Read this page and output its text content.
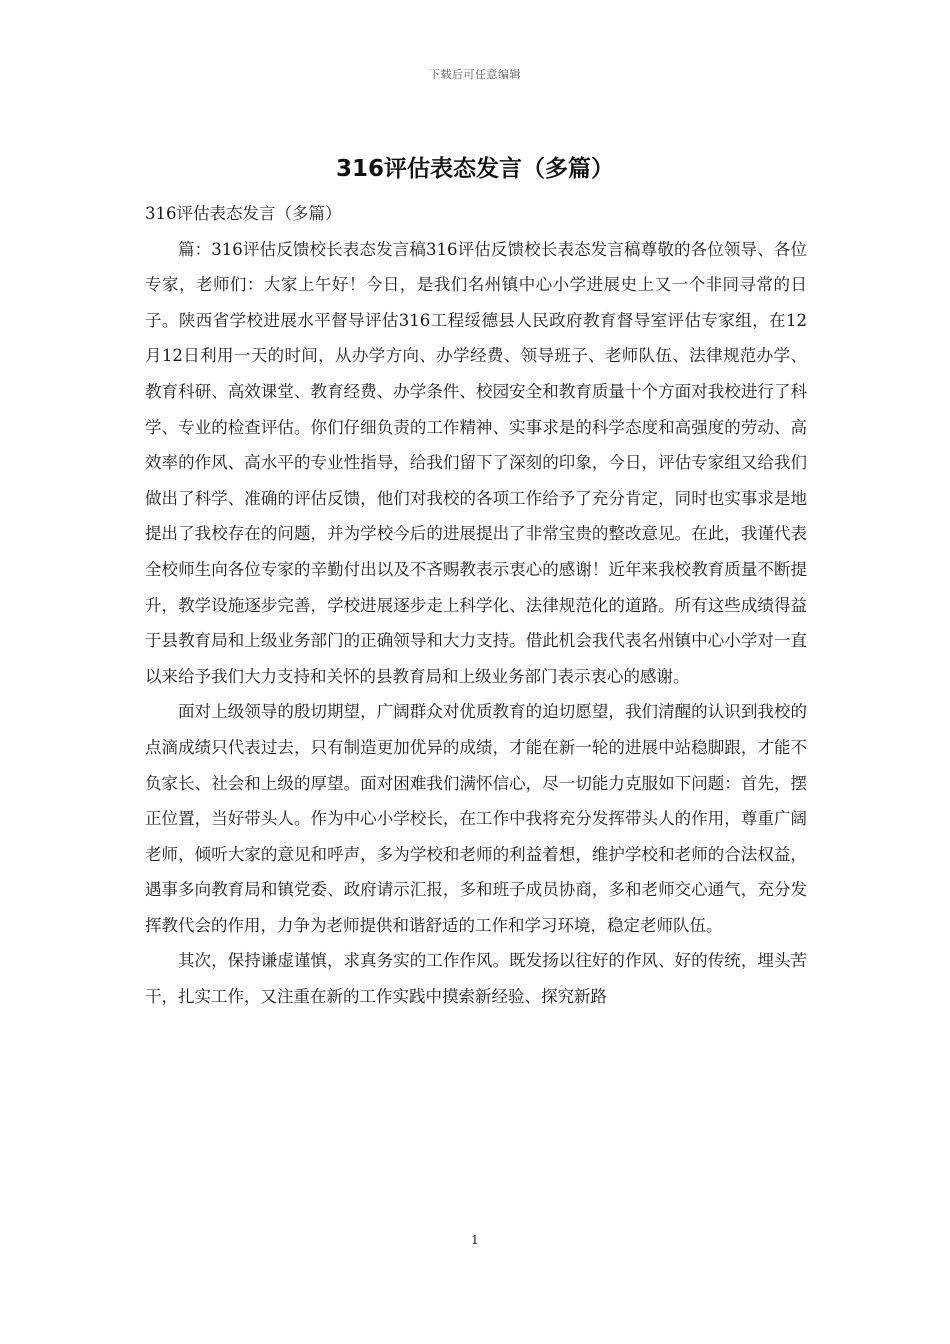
下载后可任意编辑
316评估表态发言（多篇）

316评估表态发言（多篇）

篇：316评估反馈校长表态发言稿316评估反馈校长表态发言稿尊敬的各位领导、各位专家，老师们：大家上午好！今日，是我们名州镇中心小学进展史上又一个非同寻常的日子。陕西省学校进展水平督导评估316工程绥德县人民政府教育督导室评估专家组，在12月12日利用一天的时间，从办学方向、办学经费、领导班子、老师队伍、法律规范办学、教育科研、高效课堂、教育经费、办学条件、校园安全和教育质量十个方面对我校进行了科学、专业的检查评估。你们仔细负责的工作精神、实事求是的科学态度和高强度的劳动、高效率的作风、高水平的专业性指导，给我们留下了深刻的印象，今日，评估专家组又给我们做出了科学、准确的评估反馈，他们对我校的各项工作给予了充分肯定，同时也实事求是地提出了我校存在的问题，并为学校今后的进展提出了非常宝贵的整改意见。在此，我谨代表全校师生向各位专家的辛勤付出以及不吝赐教表示衷心的感谢！近年来我校教育质量不断提升，教学设施逐步完善，学校进展逐步走上科学化、法律规范化的道路。所有这些成绩得益于县教育局和上级业务部门的正确领导和大力支持。借此机会我代表名州镇中心小学对一直以来给予我们大力支持和关怀的县教育局和上级业务部门表示衷心的感谢。

面对上级领导的殷切期望，广阔群众对优质教育的迫切愿望，我们清醒的认识到我校的点滴成绩只代表过去，只有制造更加优异的成绩，才能在新一轮的进展中站稳脚跟，才能不负家长、社会和上级的厚望。面对困难我们满怀信心，尽一切能力克服如下问题：首先，摆正位置，当好带头人。作为中心小学校长，在工作中我将充分发挥带头人的作用，尊重广阔老师，倾听大家的意见和呼声，多为学校和老师的利益着想，维护学校和老师的合法权益，遇事多向教育局和镇党委、政府请示汇报，多和班子成员协商，多和老师交心通气，充分发挥教代会的作用，力争为老师提供和谐舒适的工作和学习环境，稳定老师队伍。

其次，保持谦虚谨慎，求真务实的工作作风。既发扬以往好的作风、好的传统，埋头苦干，扎实工作，又注重在新的工作实践中摸索新经验、探究新路

1
